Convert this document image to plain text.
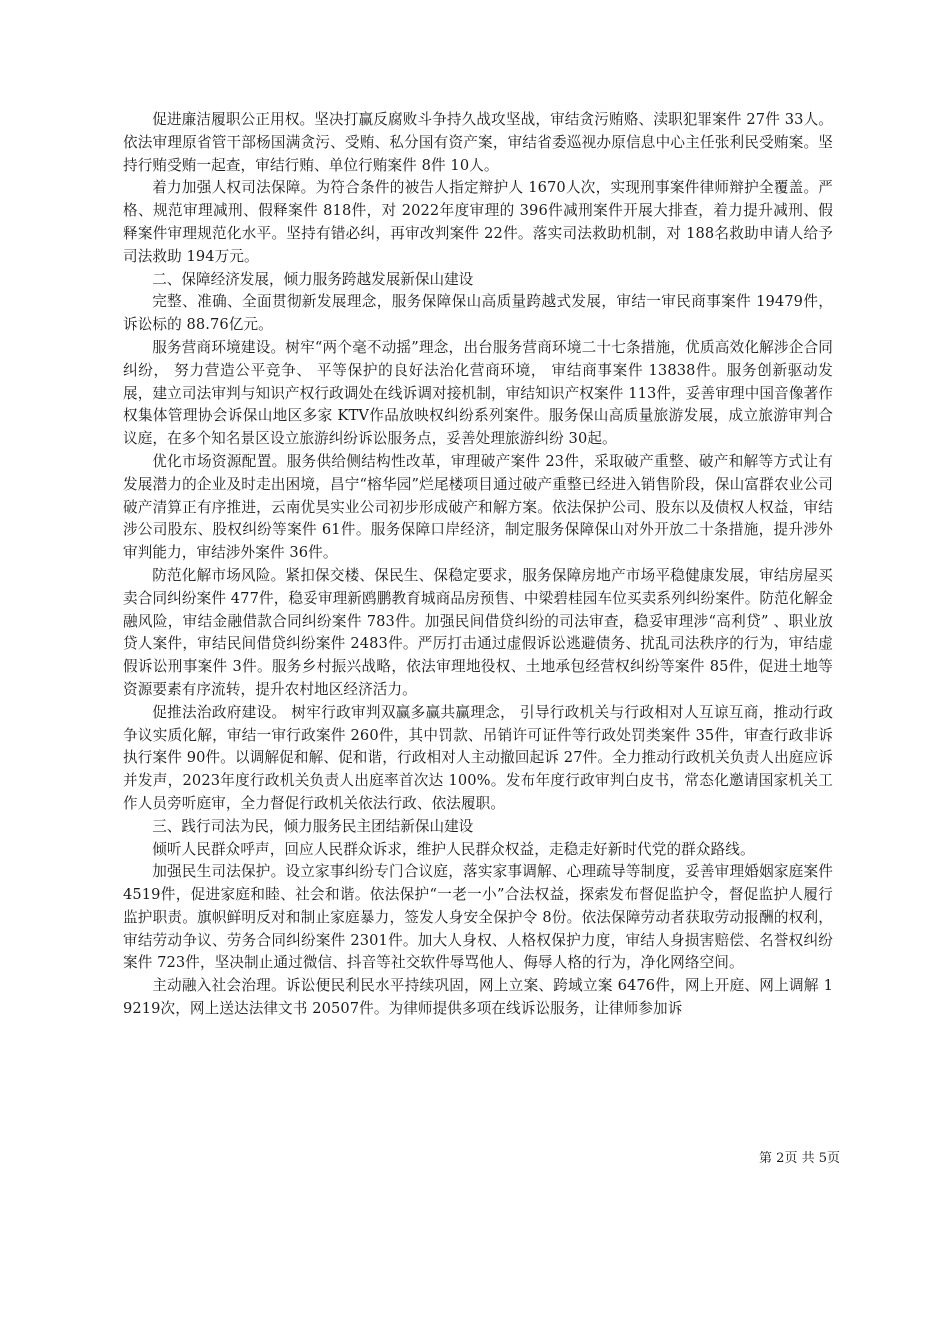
促进廉洁履职公正用权。坚决打赢反腐败斗争持久战攻坚战，审结贪污贿赂、渎职犯罪案件 27件 33人。依法审理原省管干部杨国满贪污、受贿、私分国有资产案，审结省委巡视办原信息中心主任张利民受贿案。坚持行贿受贿一起查，审结行贿、单位行贿案件 8件 10人。

着力加强人权司法保障。为符合条件的被告人指定辩护人 1670人次，实现刑事案件律师辩护全覆盖。严格、规范审理减刑、假释案件 818件，对 2022年度审理的 396件减刑案件开展大排查，着力提升减刑、假释案件审理规范化水平。坚持有错必纠，再审改判案件 22件。落实司法救助机制，对 188名救助申请人给予司法救助 194万元。

二、保障经济发展，倾力服务跨越发展新保山建设

完整、准确、全面贯彻新发展理念，服务保障保山高质量跨越式发展，审结一审民商事案件 19479件，诉讼标的 88.76亿元。

服务营商环境建设。树牢“两个毫不动摇”理念，出台服务营商环境二十七条措施，优质高效化解涉企合同纠纷， 努力营造公平竞争、 平等保护的良好法治化营商环境， 审结商事案件 13838件。服务创新驱动发展，建立司法审判与知识产权行政调处在线诉调对接机制，审结知识产权案件 113件，妥善审理中国音像著作权集体管理协会诉保山地区多家 KTV作品放映权纠纷系列案件。服务保山高质量旅游发展，成立旅游审判合议庭，在多个知名景区设立旅游纠纷诉讼服务点，妥善处理旅游纠纷 30起。

优化市场资源配置。服务供给侧结构性改革，审理破产案件 23件，采取破产重整、破产和解等方式让有发展潜力的企业及时走出困境，昌宁“榕华园”烂尾楼项目通过破产重整已经进入销售阶段，保山富群农业公司破产清算正有序推进，云南优昊实业公司初步形成破产和解方案。依法保护公司、股东以及债权人权益，审结涉公司股东、股权纠纷等案件 61件。服务保障口岸经济，制定服务保障保山对外开放二十条措施，提升涉外审判能力，审结涉外案件 36件。

防范化解市场风险。紧扣保交楼、保民生、保稳定要求，服务保障房地产市场平稳健康发展，审结房屋买卖合同纠纷案件 477件，稳妥审理新鸥鹏教育城商品房预售、中梁碧桂园车位买卖系列纠纷案件。防范化解金融风险，审结金融借款合同纠纷案件 783件。加强民间借贷纠纷的司法审查，稳妥审理涉“高利贷” 、职业放贷人案件，审结民间借贷纠纷案件 2483件。严厉打击通过虚假诉讼逃避债务、扰乱司法秩序的行为，审结虚假诉讼刑事案件 3件。服务乡村振兴战略，依法审理地役权、土地承包经营权纠纷等案件 85件，促进土地等资源要素有序流转，提升农村地区经济活力。

促推法治政府建设。 树牢行政审判双赢多赢共赢理念， 引导行政机关与行政相对人互谅互商，推动行政争议实质化解，审结一审行政案件 260件，其中罚款、吊销许可证件等行政处罚类案件 35件，审查行政非诉执行案件 90件。以调解促和解、促和谐，行政相对人主动撤回起诉 27件。全力推动行政机关负责人出庭应诉并发声，2023年度行政机关负责人出庭率首次达 100%。发布年度行政审判白皮书，常态化邀请国家机关工作人员旁听庭审，全力督促行政机关依法行政、依法履职。

三、践行司法为民，倾力服务民主团结新保山建设

倾听人民群众呼声，回应人民群众诉求，维护人民群众权益，走稳走好新时代党的群众路线。

加强民生司法保护。设立家事纠纷专门合议庭，落实家事调解、心理疏导等制度，妥善审理婚姻家庭案件 4519件，促进家庭和睦、社会和谐。依法保护“一老一小”合法权益，探索发布督促监护令，督促监护人履行监护职责。旗帜鲜明反对和制止家庭暴力，签发人身安全保护令 8份。依法保障劳动者获取劳动报酬的权利，审结劳动争议、劳务合同纠纷案件 2301件。加大人身权、人格权保护力度，审结人身损害赔偿、名誉权纠纷案件 723件，坚决制止通过微信、抖音等社交软件辱骂他人、侮辱人格的行为，净化网络空间。

主动融入社会治理。诉讼便民利民水平持续巩固，网上立案、跨域立案 6476件，网上开庭、网上调解 19219次，网上送达法律文书 20507件。为律师提供多项在线诉讼服务，让律师参加诉

第 2页 共 5页
